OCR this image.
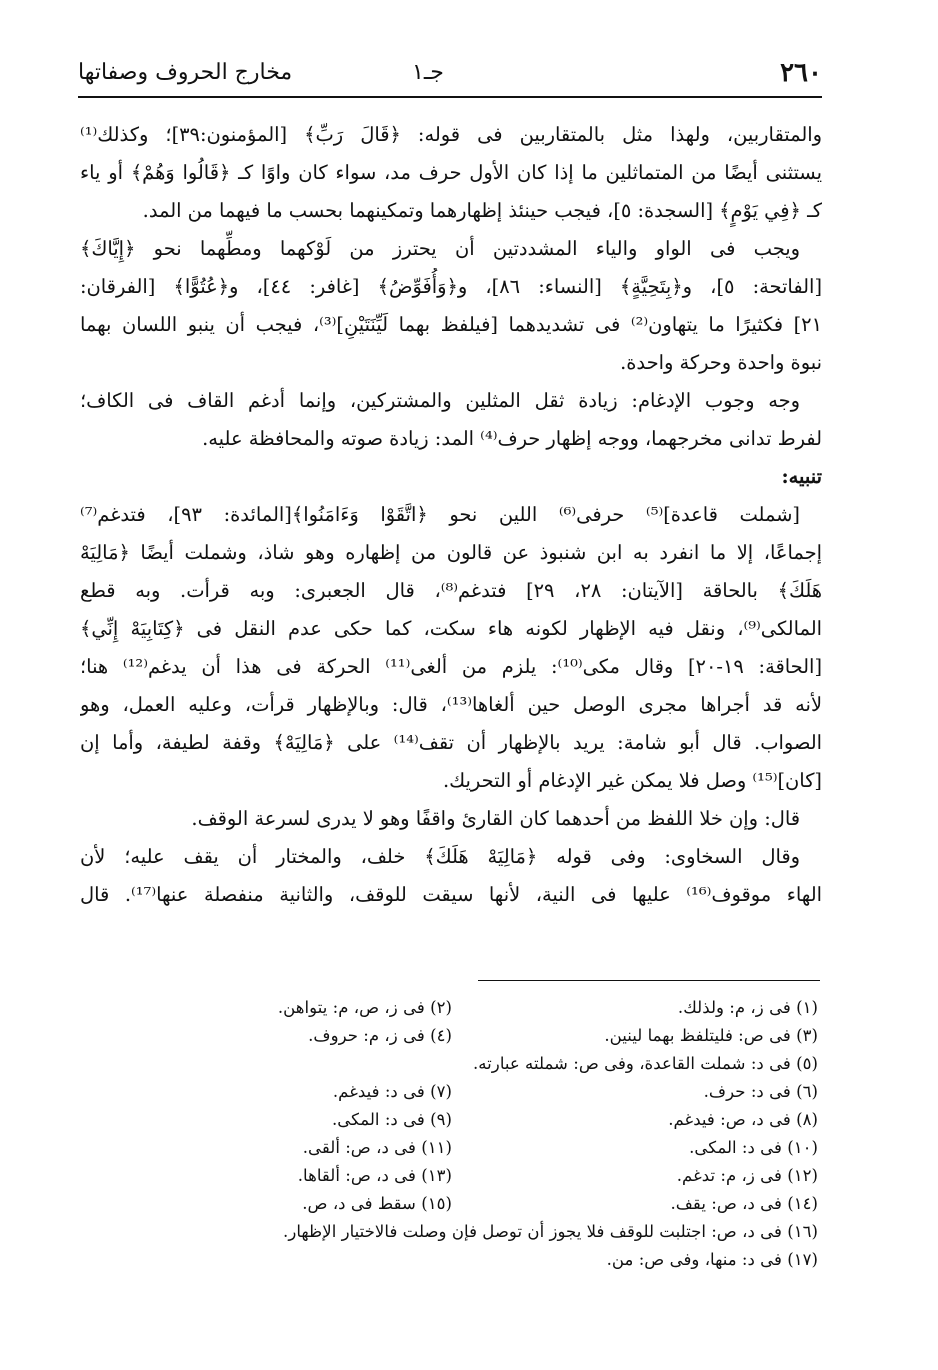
٢٦٠
جـ١
مخارج الحروف وصفاتها
والمتقاربين، ولهذا مثل بالمتقاربين فى قوله: ﴿قَالَ رَبِّ﴾ [المؤمنون:٣٩]؛ وكذلك⁽¹⁾
يستثنى أيضًا من المتماثلين ما إذا كان الأول حرف مد، سواء كان واوًا كـ ﴿قَالُوا وَهُمْ﴾ أو ياء
كـ ﴿فِي يَوْمٍ﴾ [السجدة: ٥]، فيجب حينئذ إظهارهما وتمكينهما بحسب ما فيهما من المد.
ويجب فى الواو والياء المشددتين أن يحترز من لَوْكهما ومطِّهما نحو ﴿إِيَّاكَ﴾
[الفاتحة: ٥]، و﴿بِتَحِيَّةٍ﴾ [النساء: ٨٦]، و﴿وَأُفَوِّضُ﴾ [غافر: ٤٤]، و﴿عُتُوًّا﴾ [الفرقان:
٢١] فكثيرًا ما يتهاون⁽²⁾ فى تشديدهما [فيلفظ بهما لَيِّنَتَيْنِ]⁽³⁾، فيجب أن ينبو اللسان بهما
نبوة واحدة وحركة واحدة.
وجه وجوب الإدغام: زيادة ثقل المثلين والمشتركين، وإنما أدغم القاف فى الكاف؛
لفرط تدانى مخرجهما، ووجه إظهار حرف⁽⁴⁾ المد: زيادة صوته والمحافظة عليه.
تنبيه:
[شملت قاعدة]⁽⁵⁾ حرفى⁽⁶⁾ اللين نحو ﴿اتَّقَوْا وَءَامَنُوا﴾[المائدة: ٩٣]، فتدغم⁽⁷⁾
إجماعًا، إلا ما انفرد به ابن شنبوذ عن قالون من إظهاره وهو شاذ، وشملت أيضًا ﴿مَالِيَهْ
هَلَكَ﴾ بالحاقة [الآيتان: ٢٨، ٢٩] فتدغم⁽⁸⁾، قال الجعبرى: وبه قرأت. وبه قطع
المالكى⁽⁹⁾، ونقل فيه الإظهار لكونه هاء سكت، كما حكى عدم النقل فى ﴿كِتَابِيَهْ إِنِّي﴾
[الحاقة: ١٩-٢٠] وقال مكى⁽¹⁰⁾: يلزم من ألغى⁽¹¹⁾ الحركة فى هذا أن يدغم⁽¹²⁾ هنا؛
لأنه قد أجراها مجرى الوصل حين ألغاها⁽¹³⁾، قال: وبالإظهار قرأت، وعليه العمل، وهو
الصواب. قال أبو شامة: يريد بالإظهار أن تقف⁽¹⁴⁾ على ﴿مَالِيَهْ﴾ وقفة لطيفة، وأما إن
[كان]⁽¹⁵⁾ وصل فلا يمكن غير الإدغام أو التحريك.
قال: وإن خلا اللفظ من أحدهما كان القارئ واقفًا وهو لا يدرى لسرعة الوقف.
وقال السخاوى: وفى قوله ﴿مَالِيَهْ هَلَكَ﴾ خلف، والمختار أن يقف عليه؛ لأن
الهاء موقوف⁽¹⁶⁾ عليها فى النية، لأنها سيقت للوقف، والثانية منفصلة عنها⁽¹⁷⁾. قال
(١) فى ز، م: ولذلك.
(٢) فى ز، ص، م: يتواهن.
(٣) فى ص: فليتلفظ بهما لينين.
(٤) فى ز، م: حروف.
(٥) فى د: شملت القاعدة، وفى ص: شملته عبارته.
(٦) فى د: حرف.
(٧) فى د: فيدغم.
(٨) فى د، ص: فيدغم.
(٩) فى د: المكى.
(١٠) فى د: المكى.
(١١) فى د، ص: ألقى.
(١٢) فى ز، م: تدغم.
(١٣) فى د، ص: ألقاها.
(١٤) فى د، ص: يقف.
(١٥) سقط فى د، ص.
(١٦) فى د، ص: اجتلبت للوقف فلا يجوز أن توصل فإن وصلت فالاختيار الإظهار.
(١٧) فى د: منها، وفى ص: من.
